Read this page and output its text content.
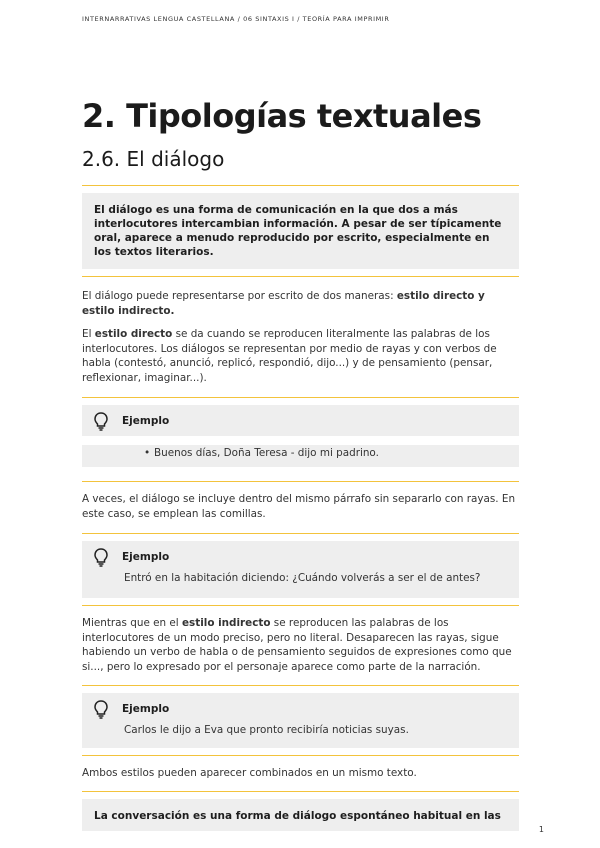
INTERNARRATIVAS LENGUA CASTELLANA / 06 SINTAXIS I / TEORÍA PARA IMPRIMIR
2. Tipologías textuales
2.6. El diálogo
El diálogo es una forma de comunicación en la que dos a más interlocutores intercambian información. A pesar de ser típicamente oral, aparece a menudo reproducido por escrito, especialmente en los textos literarios.

El diálogo puede representarse por escrito de dos maneras: estilo directo y estilo indirecto.

El estilo directo se da cuando se reproducen literalmente las palabras de los interlocutores. Los diálogos se representan por medio de rayas y con verbos de habla (contestó, anunció, replicó, respondió, dijo...) y de pensamiento (pensar, reflexionar, imaginar...).

Ejemplo
• Buenos días, Doña Teresa - dijo mi padrino.

A veces, el diálogo se incluye dentro del mismo párrafo sin separarlo con rayas. En este caso, se emplean las comillas.

Ejemplo
Entró en la habitación diciendo: ¿Cuándo volverás a ser el de antes?

Mientras que en el estilo indirecto se reproducen las palabras de los interlocutores de un modo preciso, pero no literal. Desaparecen las rayas, sigue habiendo un verbo de habla o de pensamiento seguidos de expresiones como que si..., pero lo expresado por el personaje aparece como parte de la narración.

Ejemplo
Carlos le dijo a Eva que pronto recibiría noticias suyas.

Ambos estilos pueden aparecer combinados en un mismo texto.

La conversación es una forma de diálogo espontáneo habitual en las
1
